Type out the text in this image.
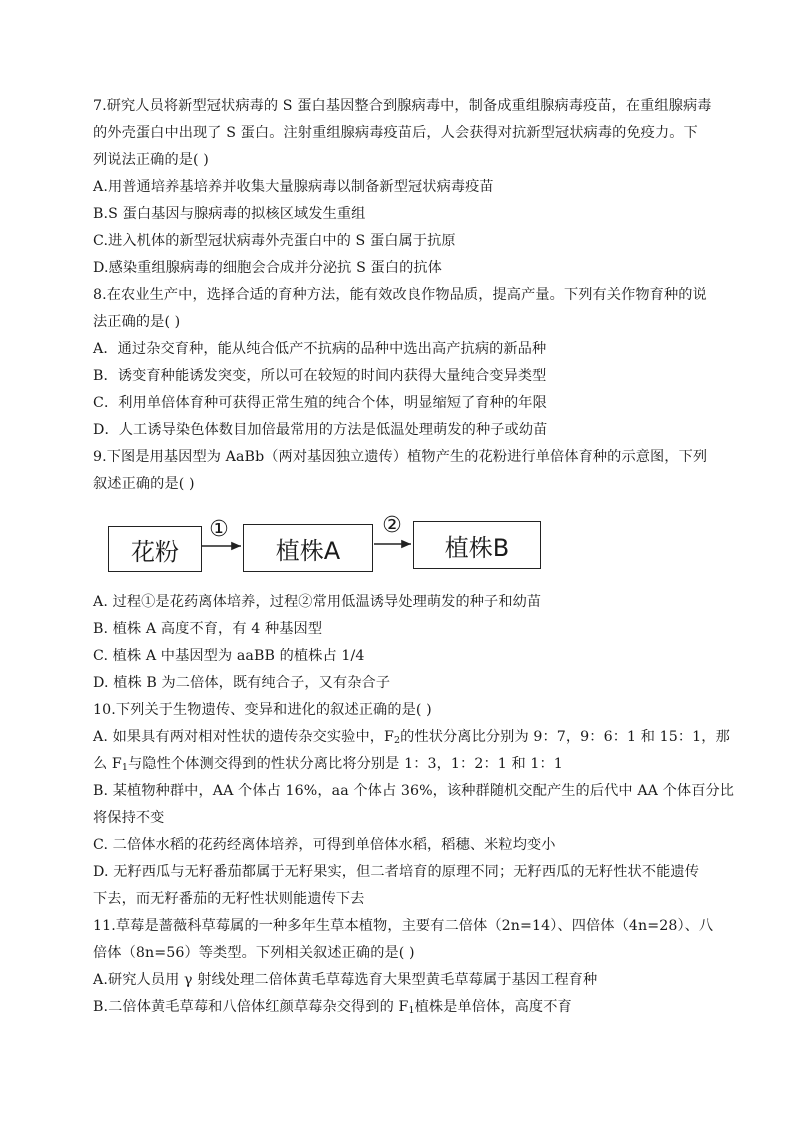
7.研究人员将新型冠状病毒的 S 蛋白基因整合到腺病毒中，制备成重组腺病毒疫苗，在重组腺病毒
的外壳蛋白中出现了 S 蛋白。注射重组腺病毒疫苗后，人会获得对抗新型冠状病毒的免疫力。下
列说法正确的是( )
A.用普通培养基培养并收集大量腺病毒以制备新型冠状病毒疫苗
B.S 蛋白基因与腺病毒的拟核区域发生重组
C.进入机体的新型冠状病毒外壳蛋白中的 S 蛋白属于抗原
D.感染重组腺病毒的细胞会合成并分泌抗 S 蛋白的抗体
8.在农业生产中，选择合适的育种方法，能有效改良作物品质，提高产量。下列有关作物育种的说
法正确的是( )
A．通过杂交育种，能从纯合低产不抗病的品种中选出高产抗病的新品种
B．诱变育种能诱发突变，所以可在较短的时间内获得大量纯合变异类型
C．利用单倍体育种可获得正常生殖的纯合个体，明显缩短了育种的年限
D．人工诱导染色体数目加倍最常用的方法是低温处理萌发的种子或幼苗
9.下图是用基因型为 AaBb（两对基因独立遗传）植物产生的花粉进行单倍体育种的示意图，下列
叙述正确的是( )
花粉
①
植株A
②
植株B
A. 过程①是花药离体培养，过程②常用低温诱导处理萌发的种子和幼苗
B. 植株 A 高度不育，有 4 种基因型
C. 植株 A 中基因型为 aaBB 的植株占 1/4
D. 植株 B 为二倍体，既有纯合子，又有杂合子
10.下列关于生物遗传、变异和进化的叙述正确的是( )
A. 如果具有两对相对性状的遗传杂交实验中，$F_2$的性状分离比分别为 9：7，9：6：1 和 15：1，那
么 $F_1$与隐性个体测交得到的性状分离比将分别是 1：3，1：2：1 和 1：1
B. 某植物种群中，AA 个体占 16%，aa 个体占 36%，该种群随机交配产生的后代中 AA 个体百分比
将保持不变
C. 二倍体水稻的花药经离体培养，可得到单倍体水稻，稻穗、米粒均变小
D. 无籽西瓜与无籽番茄都属于无籽果实，但二者培育的原理不同；无籽西瓜的无籽性状不能遗传
下去，而无籽番茄的无籽性状则能遗传下去
11.草莓是蔷薇科草莓属的一种多年生草本植物，主要有二倍体（2n=14）、四倍体（4n=28）、八
倍体（8n=56）等类型。下列相关叙述正确的是( )
A.研究人员用 γ 射线处理二倍体黄毛草莓选育大果型黄毛草莓属于基因工程育种
B.二倍体黄毛草莓和八倍体红颜草莓杂交得到的 $F_1$植株是单倍体，高度不育
